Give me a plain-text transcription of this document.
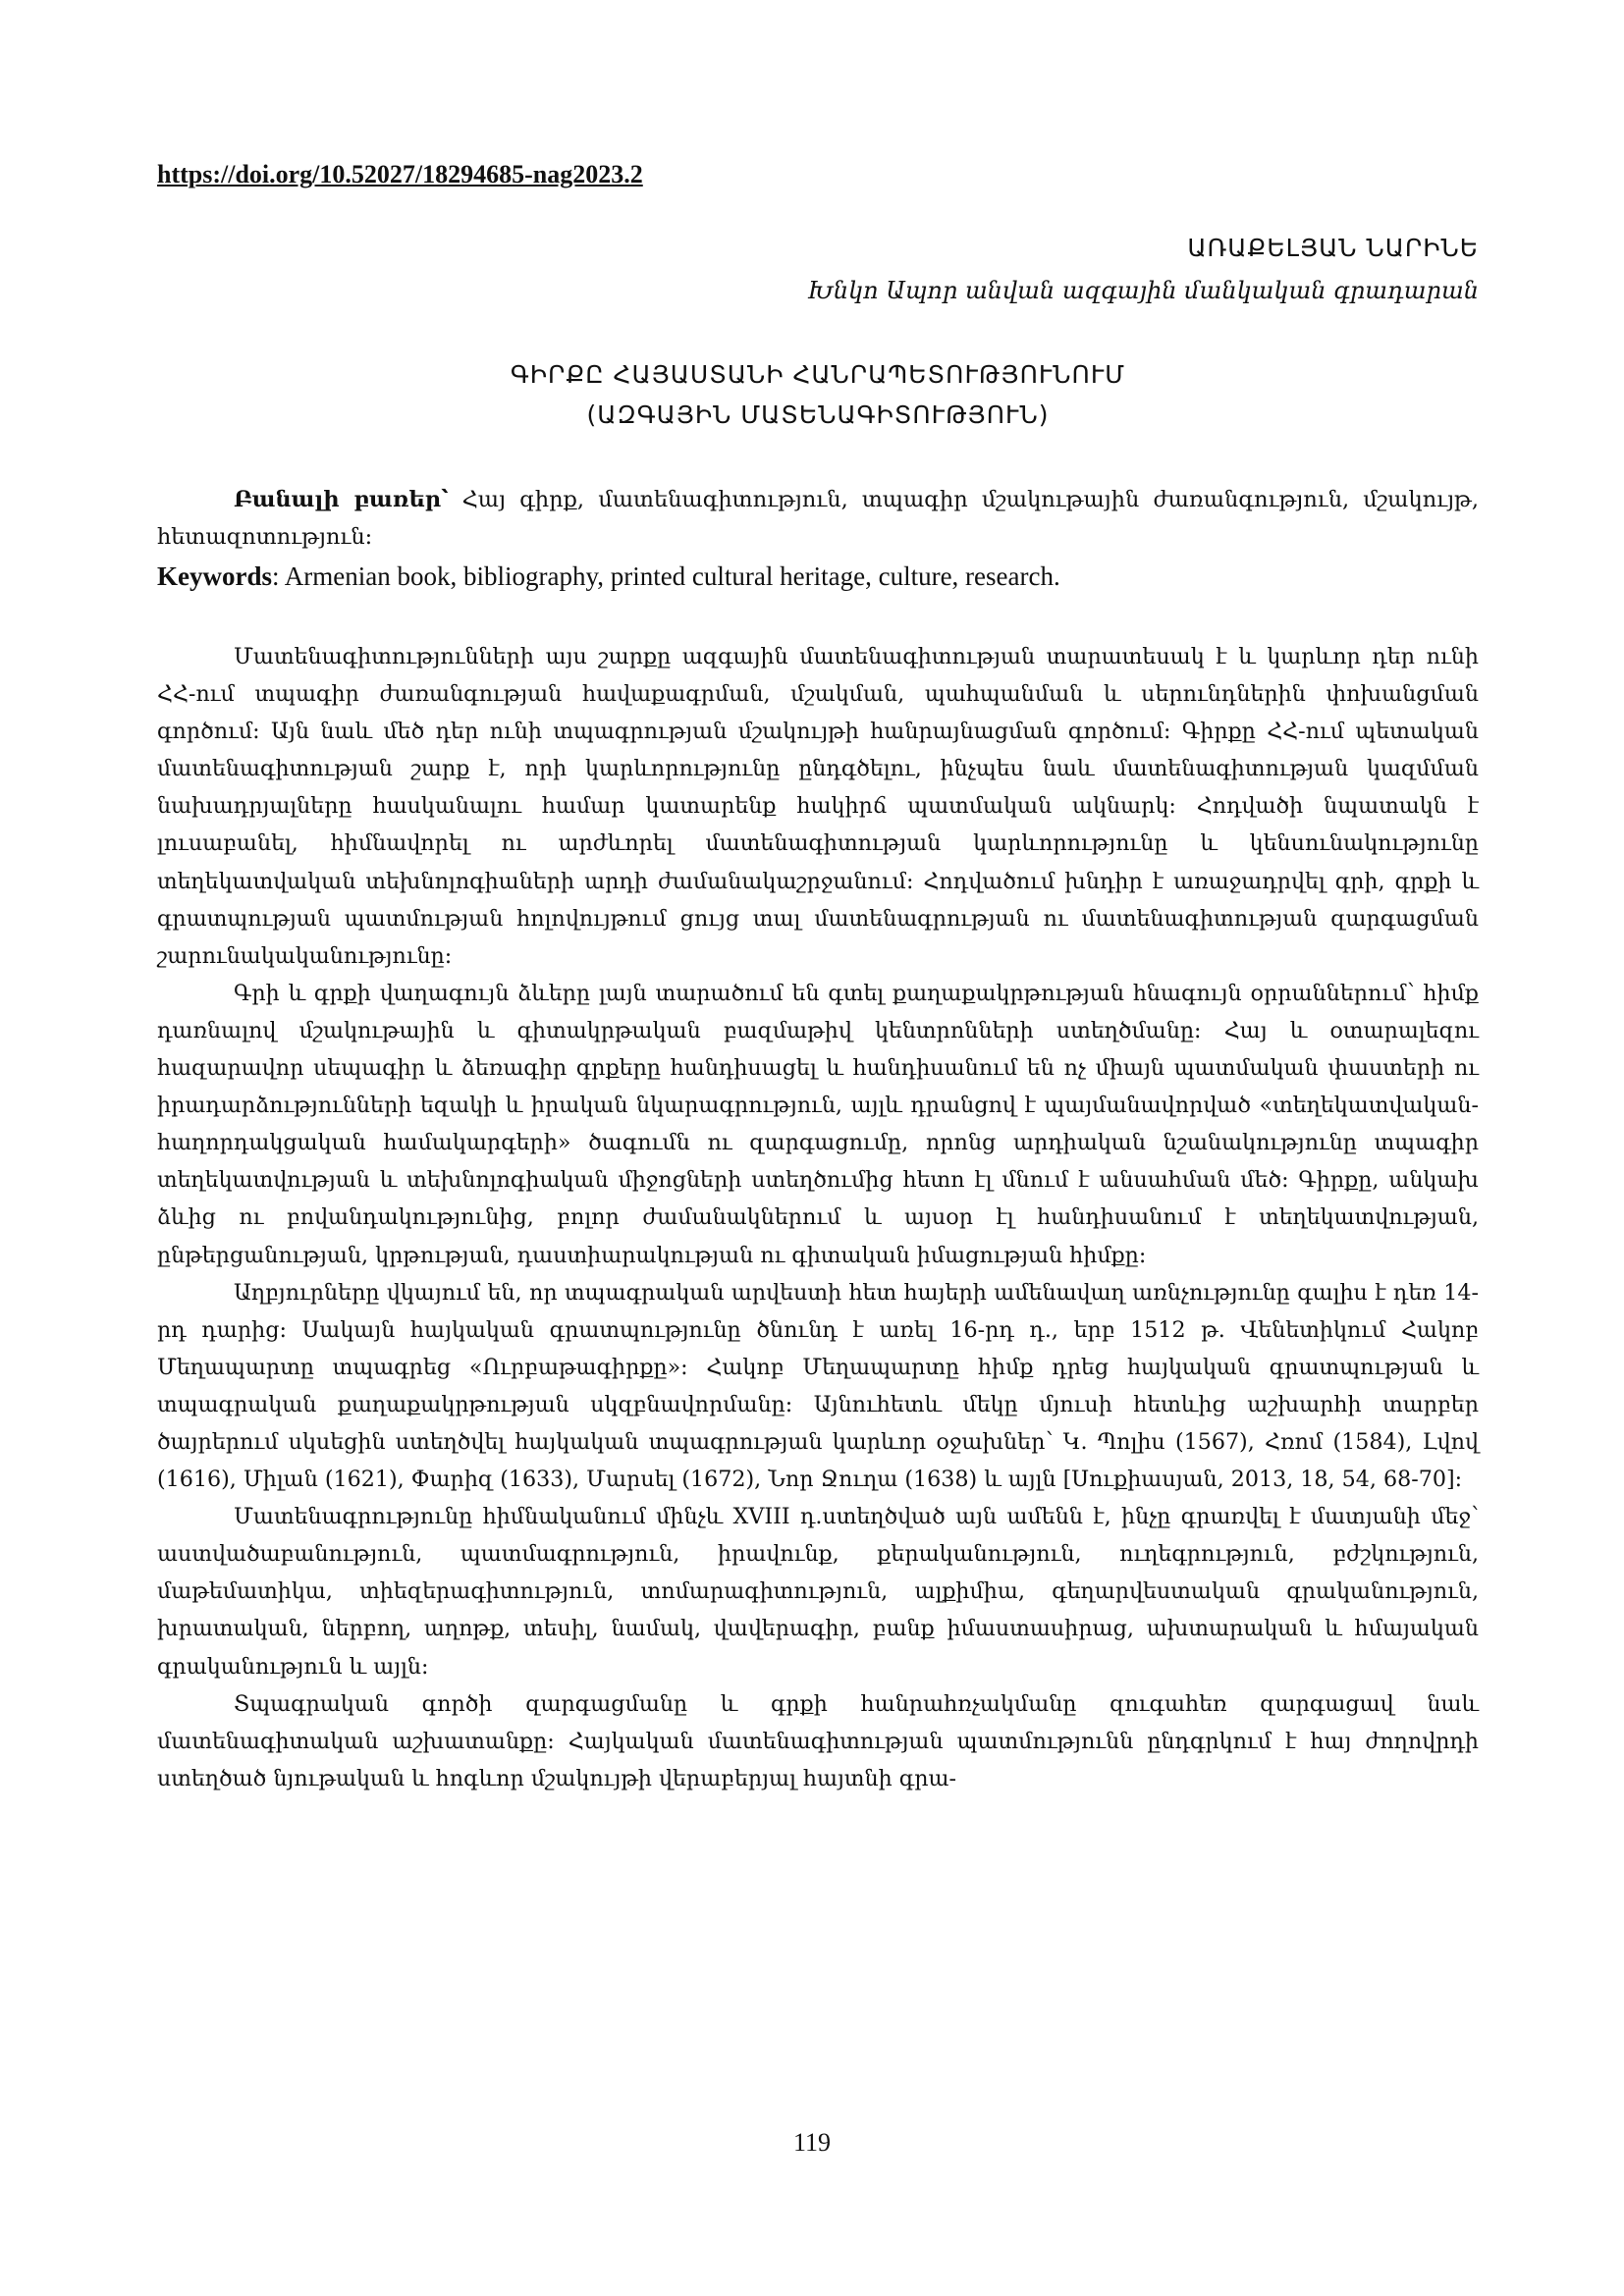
https://doi.org/10.52027/18294685-nag2023.2
ԱՌԱՔԵԼՅԱՆ ՆԱՐԻՆԵ
Խնկո Ապոր անվան ազգային մանկական գրադարան
ԳԻՐՔԸ ՀԱՅԱՍՏԱՆԻ ՀԱՆՐԱՊԵՏՈՒԹՅՈՒՆՈՒՄ
(ԱԶԳԱՅԻՆ ՄԱՏԵՆԱԳԻՏՈՒԹՅՈՒՆ)
Բանալի բառեր՝ Հայ գիրք, մատենագիտություն, տպագիր մշակութային ժառանգություն, մշակույթ, հետազոտություն:
Keywords: Armenian book, bibliography, printed cultural heritage, culture, research.

Մատենագիտությունների այս շարքը ազգային մատենագիտության տարատեսակ է և կարևոր դեր ունի ՀՀ-ում տպագիր ժառանգության հավաքագրման, մշակման, պահպանման և սերունդներին փոխանցման գործում: Այն նաև մեծ դեր ունի տպագրության մշակույթի հանրայնացման գործում: Գիրքը ՀՀ-ում պետական մատենագիտության շարք է, որի կարևորությունը ընդգծելու, ինչպես նաև մատենագիտության կազմման նախադրյալները հասկանալու համար կատարենք հակիրճ պատմական ակնարկ: Հոդվածի նպատակն է լուսաբանել, հիմնավորել ու արժևորել մատենագիտության կարևորությունը և կենսունակությունը տեղեկատվական տեխնոլոգիաների արդի ժամանակաշրջանում: Հոդվածում խնդիր է առաջադրվել գրի, գրքի և գրատպության պատմության հոլովույթում ցույց տալ մատենագրության ու մատենագիտության զարգացման շարունակականությունը:

Գրի և գրքի վաղագույն ձևերը լայն տարածում են գտել քաղաքակրթության հնագույն օրրաններում՝ հիմք դառնալով մշակութային և գիտակրթական բազմաթիվ կենտրոնների ստեղծմանը: Հայ և օտարալեզու հազարավոր սեպագիր և ձեռագիր գրքերը հանդիսացել և հանդիսանում են ոչ միայն պատմական փաստերի ու իրադարձությունների եզակի և իրական նկարագրություն, այլև դրանցով է պայմանավորված «տեղեկատվական-հաղորդակցական համակարգերի» ծագումն ու զարգացումը, որոնց արդիական նշանակությունը տպագիր տեղեկատվության և տեխնոլոգիական միջոցների ստեղծումից հետո էլ մնում է անսահման մեծ: Գիրքը, անկախ ձևից ու բովանդակությունից, բոլոր ժամանակներում և այսօր էլ հանդիսանում է տեղեկատվության, ընթերցանության, կրթության, դաստիարակության ու գիտական իմացության հիմքը:

Աղբյուրները վկայում են, որ տպագրական արվեստի հետ հայերի ամենավաղ առնչությունը գալիս է դեռ 14-րդ դարից: Սակայն հայկական գրատպությունը ծնունդ է առել 16-րդ դ., երբ 1512 թ. Վենետիկում Հակոբ Մեղապարտը տպագրեց «Ուրբաթագիրքը»: Հակոբ Մեղապարտը հիմք դրեց հայկական գրատպության և տպագրական քաղաքակրթության սկզբնավորմանը: Այնուհետև մեկը մյուսի հետևից աշխարհի տարբեր ծայրերում սկսեցին ստեղծվել հայկական տպագրության կարևոր օջախներ՝ Կ. Պոլիս (1567), Հռոմ (1584), Լվով (1616), Միլան (1621), Փարիզ (1633), Մարսել (1672), Նոր Ջուղա (1638) և այլն [Սուքիասյան, 2013, 18, 54, 68-70]:

Մատենագրությունը հիմնականում մինչև XVIII դ.ստեղծված այն ամենն է, ինչը գրառվել է մատյանի մեջ՝ աստվածաբանություն, պատմագրություն, իրավունք, քերականություն, ուղեգրություն, բժշկություն, մաթեմատիկա, տիեզերագիտություն, տոմարագիտություն, ալքիմիա, գեղարվեստական գրականություն, խրատական, ներբող, աղոթք, տեսիլ, նամակ, վավերագիր, բանք իմաստասիրաց, ախտարական և հմայական գրականություն և այլն:

Տպագրական գործի զարգացմանը և գրքի հանրահռչակմանը զուգահեռ զարգացավ նաև մատենագիտական աշխատանքը: Հայկական մատենագիտության պատմությունն ընդգրկում է հայ ժողովրդի ստեղծած նյութական և հոգևոր մշակույթի վերաբերյալ հայտնի գրա-

119
